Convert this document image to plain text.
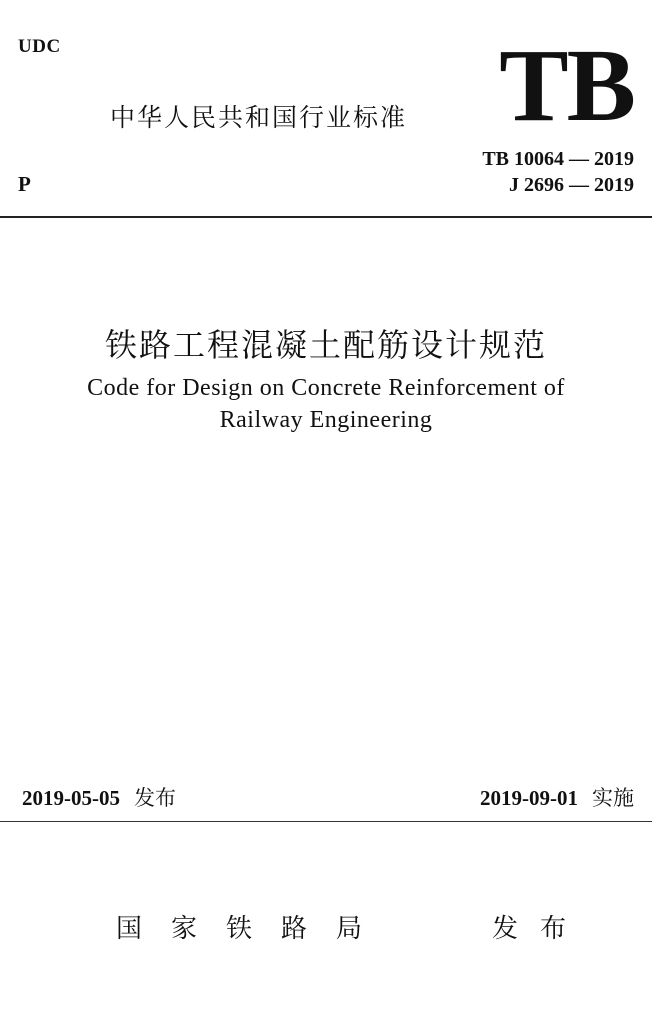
UDC	TB
中华人民共和国行业标准
TB 10064 — 2019
J 2696 — 2019
P
铁路工程混凝土配筋设计规范
Code for Design on Concrete Reinforcement of
Railway Engineering
2019-05-05 发布	2019-09-01 实施
国家铁路局	发布
